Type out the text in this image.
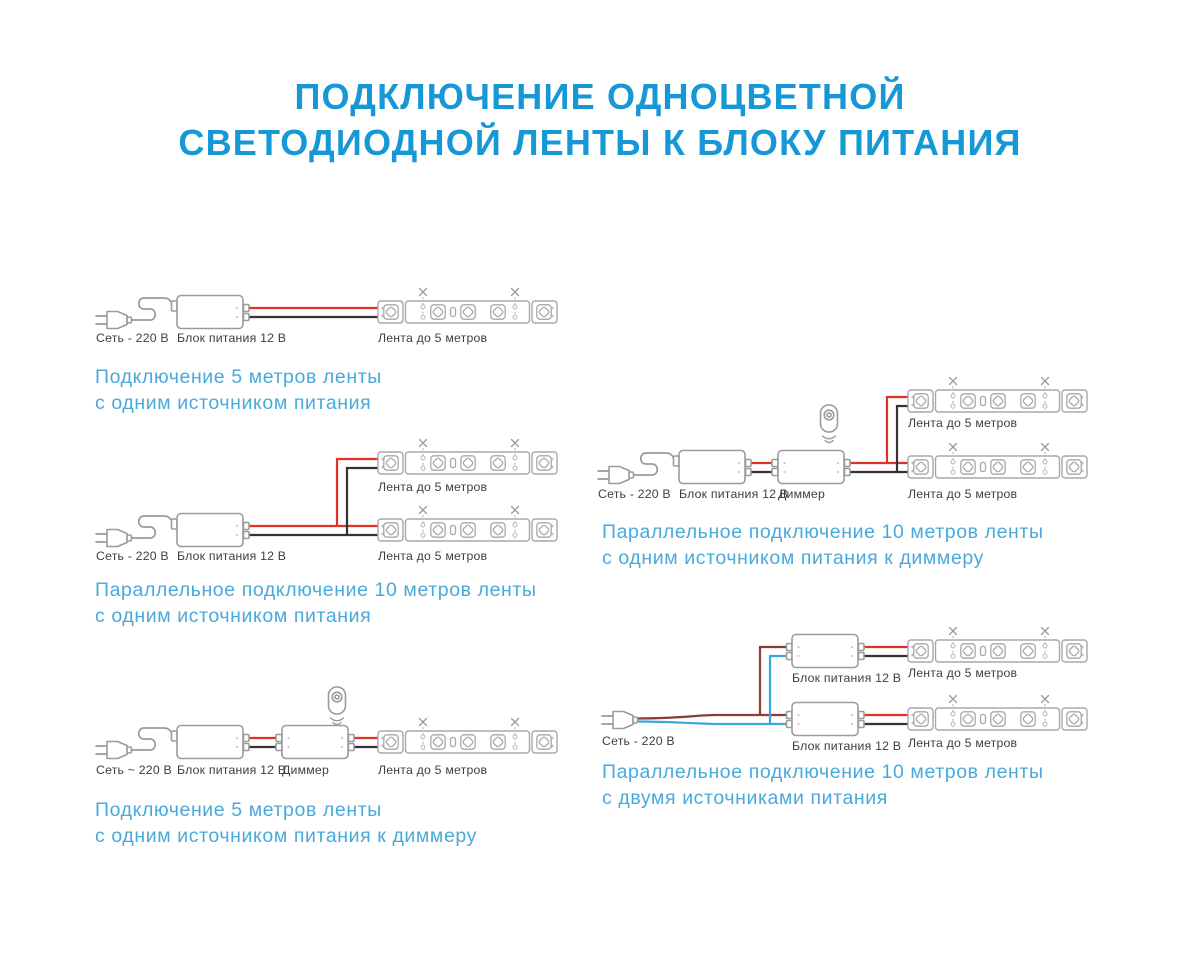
ПОДКЛЮЧЕНИЕ ОДНОЦВЕТНОЙ
СВЕТОДИОДНОЙ ЛЕНТЫ К БЛОКУ ПИТАНИЯ
Сеть - 220 В Блок питания 12 В	Лента до 5 метров
Лента до 5 метров
Сеть - 220 В Блок питания 12 В	Лента до 5 метров
Сеть ~ 220 В Блок питания 12 В
Диммер	Лента до 5 метров
Лента до 5 метров
Сеть - 220 В Блок питания 12 В
Диммер	Лента до 5 метров
Блок питания 12 В Лента до 5 метров
Сеть - 220 В	Блок питания 12 В Лента до 5 метров
Подключение 5 метров ленты
с одним источником питания
Параллельное подключение 10 метров ленты
с одним источником питания
Подключение 5 метров ленты
с одним источником питания к диммеру
Параллельное подключение 10 метров ленты
с одним источником питания к диммеру
Параллельное подключение 10 метров ленты
с двумя источниками питания
